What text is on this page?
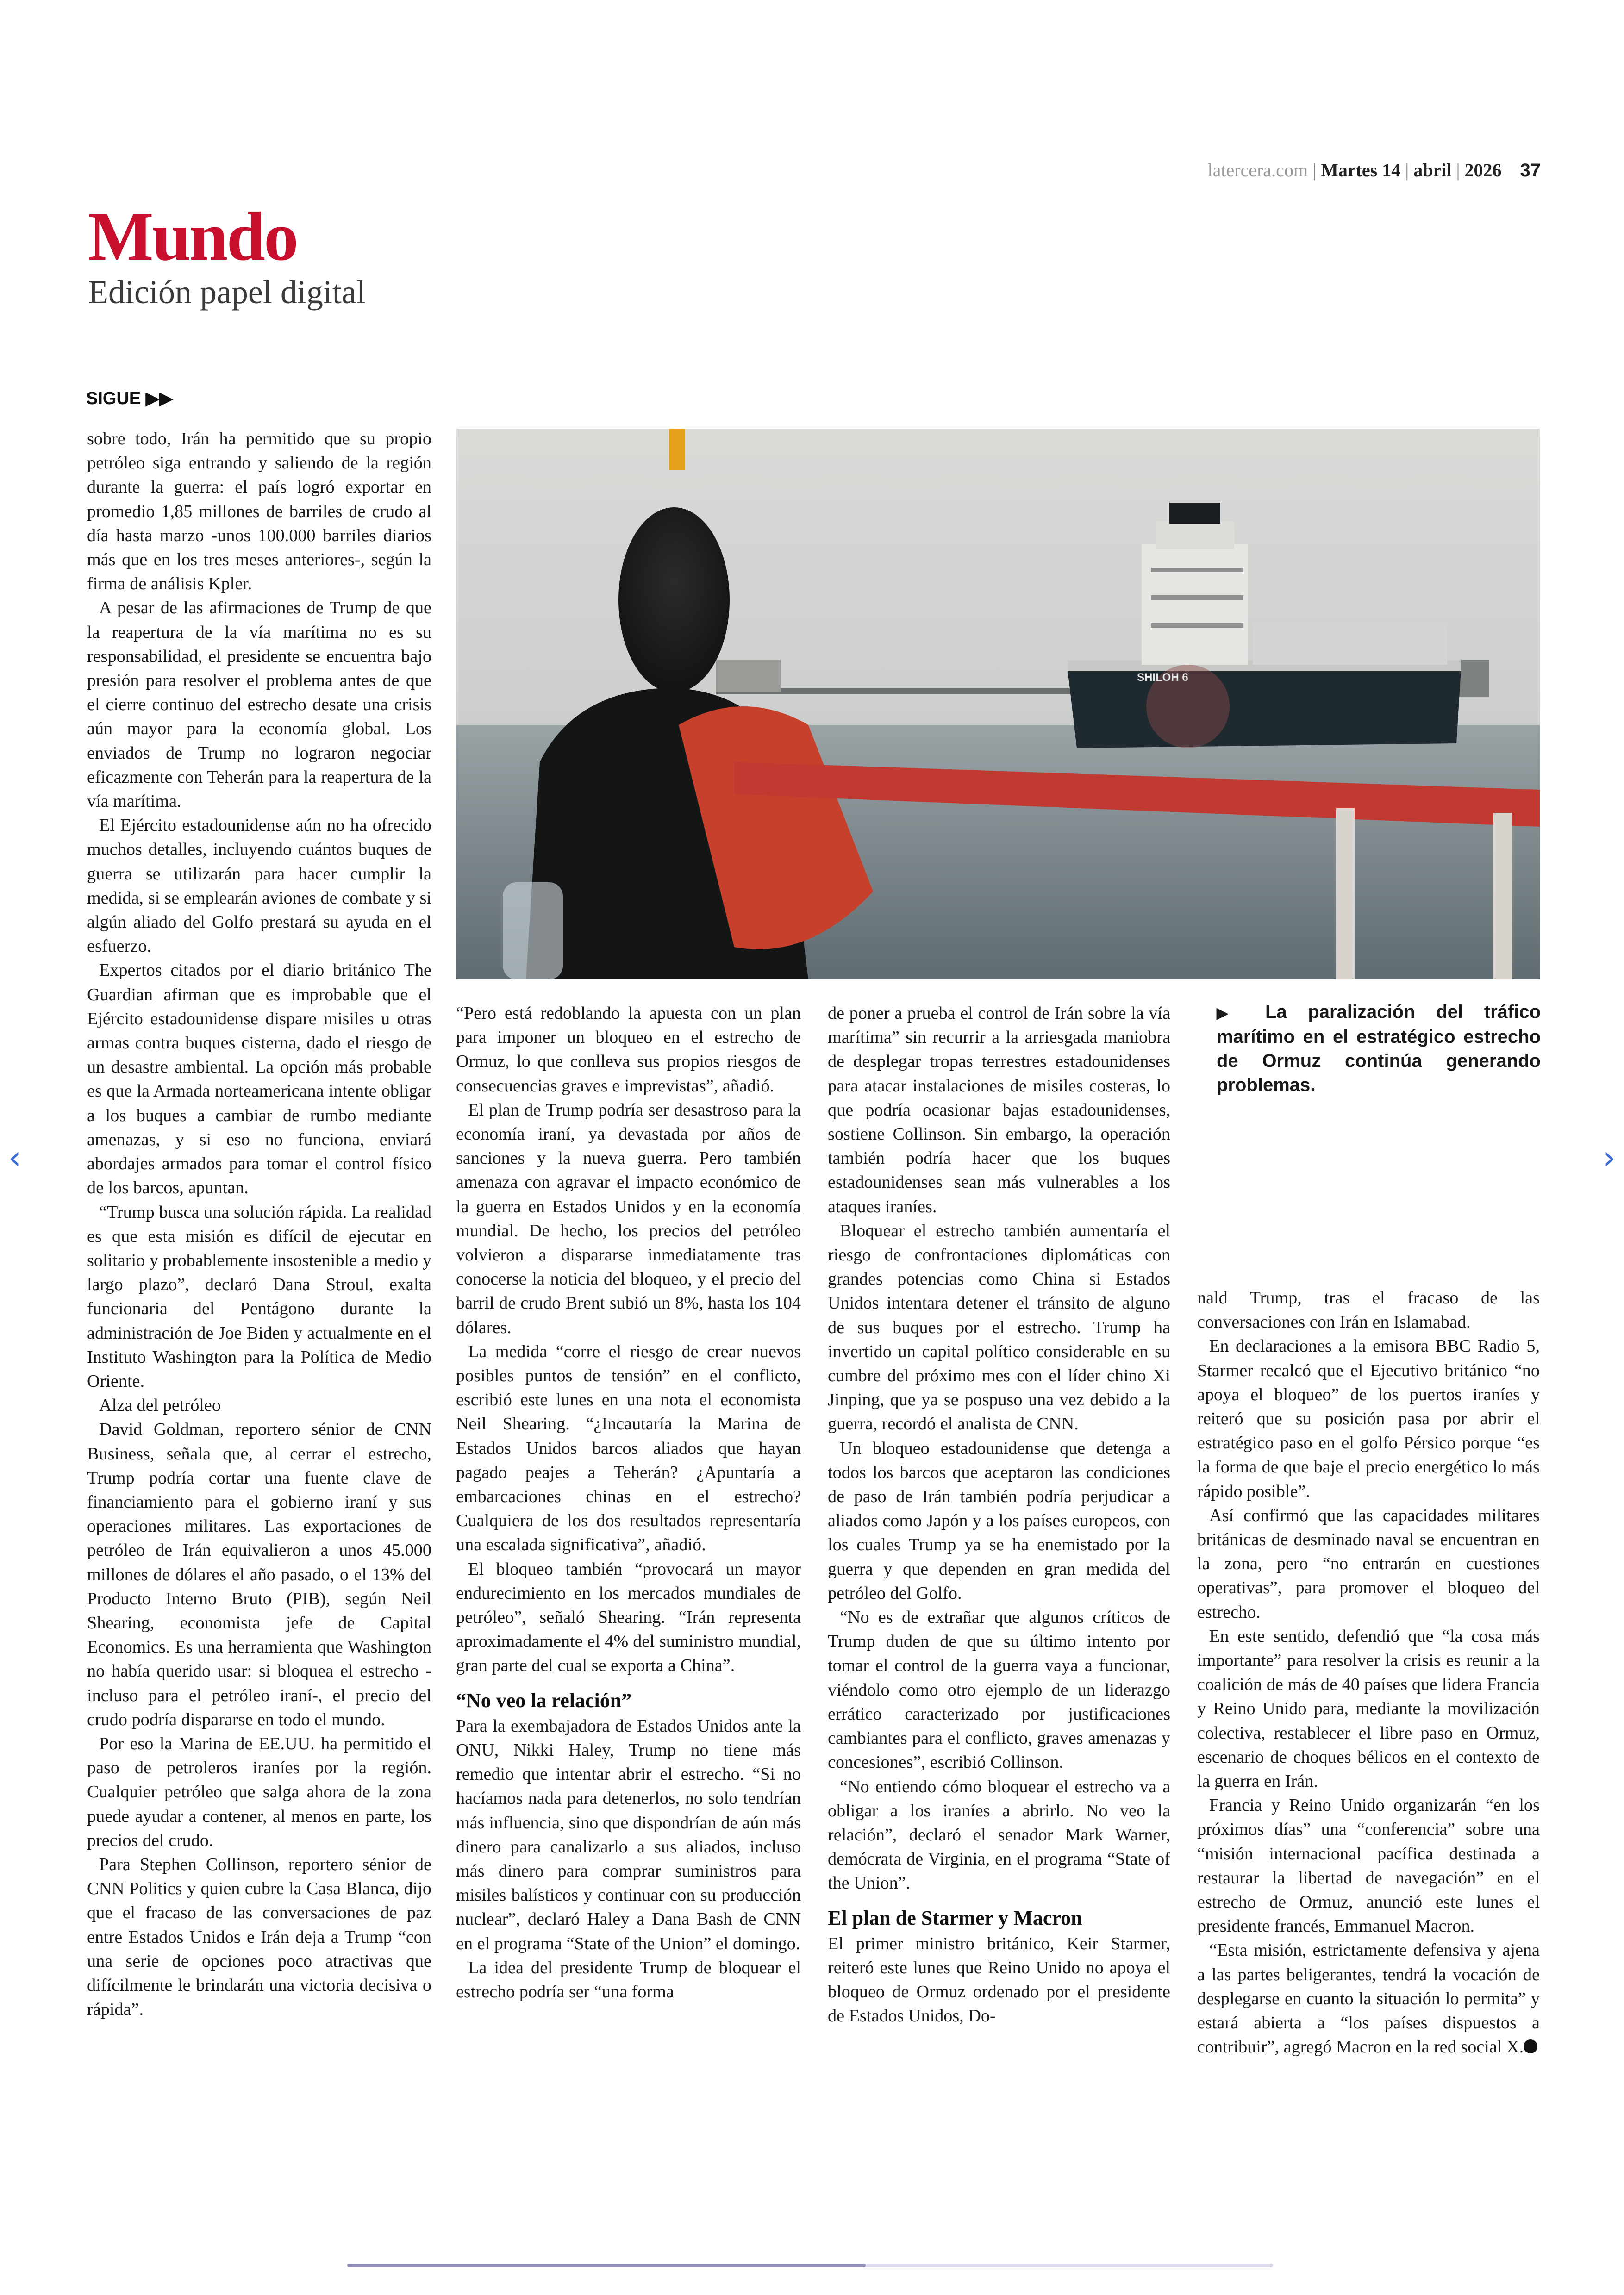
latercera.com | Martes 14 | abril | 2026 37
Mundo
Edición papel digital
SIGUE ▶▶
SHILOH 6
▶ La paralización del tráfico marítimo en el estratégico estrecho de Ormuz continúa generando problemas.

sobre todo, Irán ha permitido que su propio petróleo siga entrando y saliendo de la región durante la guerra: el país logró exportar en promedio 1,85 millones de barriles de crudo al día hasta marzo -unos 100.000 barriles diarios más que en los tres meses anteriores-, según la firma de análisis Kpler.

A pesar de las afirmaciones de Trump de que la reapertura de la vía marítima no es su responsabilidad, el presidente se encuentra bajo presión para resolver el problema antes de que el cierre continuo del estrecho desate una crisis aún mayor para la economía global. Los enviados de Trump no lograron negociar eficazmente con Teherán para la reapertura de la vía marítima.

El Ejército estadounidense aún no ha ofrecido muchos detalles, incluyendo cuántos buques de guerra se utilizarán para hacer cumplir la medida, si se emplearán aviones de combate y si algún aliado del Golfo prestará su ayuda en el esfuerzo.

Expertos citados por el diario británico The Guardian afirman que es improbable que el Ejército estadounidense dispare misiles u otras armas contra buques cisterna, dado el riesgo de un desastre ambiental. La opción más probable es que la Armada norteamericana intente obligar a los buques a cambiar de rumbo mediante amenazas, y si eso no funciona, enviará abordajes armados para tomar el control físico de los barcos, apuntan.

“Trump busca una solución rápida. La realidad es que esta misión es difícil de ejecutar en solitario y probablemente insostenible a medio y largo plazo”, declaró Dana Stroul, exalta funcionaria del Pentágono durante la administración de Joe Biden y actualmente en el Instituto Washington para la Política de Medio Oriente.

Alza del petróleo

David Goldman, reportero sénior de CNN Business, señala que, al cerrar el estrecho, Trump podría cortar una fuente clave de financiamiento para el gobierno iraní y sus operaciones militares. Las exportaciones de petróleo de Irán equivalieron a unos 45.000 millones de dólares el año pasado, o el 13% del Producto Interno Bruto (PIB), según Neil Shearing, economista jefe de Capital Economics. Es una herramienta que Washington no había querido usar: si bloquea el estrecho -incluso para el petróleo iraní-, el precio del crudo podría dispararse en todo el mundo.

Por eso la Marina de EE.UU. ha permitido el paso de petroleros iraníes por la región. Cualquier petróleo que salga ahora de la zona puede ayudar a contener, al menos en parte, los precios del crudo.

Para Stephen Collinson, reportero sénior de CNN Politics y quien cubre la Casa Blanca, dijo que el fracaso de las conversaciones de paz entre Estados Unidos e Irán deja a Trump “con una serie de opciones poco atractivas que difícilmente le brindarán una victoria decisiva o rápida”.

“Pero está redoblando la apuesta con un plan para imponer un bloqueo en el estrecho de Ormuz, lo que conlleva sus propios riesgos de consecuencias graves e imprevistas”, añadió.

El plan de Trump podría ser desastroso para la economía iraní, ya devastada por años de sanciones y la nueva guerra. Pero también amenaza con agravar el impacto económico de la guerra en Estados Unidos y en la economía mundial. De hecho, los precios del petróleo volvieron a dispararse inmediatamente tras conocerse la noticia del bloqueo, y el precio del barril de crudo Brent subió un 8%, hasta los 104 dólares.

La medida “corre el riesgo de crear nuevos posibles puntos de tensión” en el conflicto, escribió este lunes en una nota el economista Neil Shearing. “¿Incautaría la Marina de Estados Unidos barcos aliados que hayan pagado peajes a Teherán? ¿Apuntaría a embarcaciones chinas en el estrecho? Cualquiera de los dos resultados representaría una escalada significativa”, añadió.

El bloqueo también “provocará un mayor endurecimiento en los mercados mundiales de petróleo”, señaló Shearing. “Irán representa aproximadamente el 4% del suministro mundial, gran parte del cual se exporta a China”.

“No veo la relación”

Para la exembajadora de Estados Unidos ante la ONU, Nikki Haley, Trump no tiene más remedio que intentar abrir el estrecho. “Si no hacíamos nada para detenerlos, no solo tendrían más influencia, sino que dispondrían de aún más dinero para canalizarlo a sus aliados, incluso más dinero para comprar suministros para misiles balísticos y continuar con su producción nuclear”, declaró Haley a Dana Bash de CNN en el programa “State of the Union” el domingo.

La idea del presidente Trump de bloquear el estrecho podría ser “una forma

de poner a prueba el control de Irán sobre la vía marítima” sin recurrir a la arriesgada maniobra de desplegar tropas terrestres estadounidenses para atacar instalaciones de misiles costeras, lo que podría ocasionar bajas estadounidenses, sostiene Collinson. Sin embargo, la operación también podría hacer que los buques estadounidenses sean más vulnerables a los ataques iraníes.

Bloquear el estrecho también aumentaría el riesgo de confrontaciones diplomáticas con grandes potencias como China si Estados Unidos intentara detener el tránsito de alguno de sus buques por el estrecho. Trump ha invertido un capital político considerable en su cumbre del próximo mes con el líder chino Xi Jinping, que ya se pospuso una vez debido a la guerra, recordó el analista de CNN.

Un bloqueo estadounidense que detenga a todos los barcos que aceptaron las condiciones de paso de Irán también podría perjudicar a aliados como Japón y a los países europeos, con los cuales Trump ya se ha enemistado por la guerra y que dependen en gran medida del petróleo del Golfo.

“No es de extrañar que algunos críticos de Trump duden de que su último intento por tomar el control de la guerra vaya a funcionar, viéndolo como otro ejemplo de un liderazgo errático caracterizado por justificaciones cambiantes para el conflicto, graves amenazas y concesiones”, escribió Collinson.

“No entiendo cómo bloquear el estrecho va a obligar a los iraníes a abrirlo. No veo la relación”, declaró el senador Mark Warner, demócrata de Virginia, en el programa “State of the Union”.

El plan de Starmer y Macron

El primer ministro británico, Keir Starmer, reiteró este lunes que Reino Unido no apoya el bloqueo de Ormuz ordenado por el presidente de Estados Unidos, Do-

nald Trump, tras el fracaso de las conversaciones con Irán en Islamabad.

En declaraciones a la emisora BBC Radio 5, Starmer recalcó que el Ejecutivo británico “no apoya el bloqueo” de los puertos iraníes y reiteró que su posición pasa por abrir el estratégico paso en el golfo Pérsico porque “es la forma de que baje el precio energético lo más rápido posible”.

Así confirmó que las capacidades militares británicas de desminado naval se encuentran en la zona, pero “no entrarán en cuestiones operativas”, para promover el bloqueo del estrecho.

En este sentido, defendió que “la cosa más importante” para resolver la crisis es reunir a la coalición de más de 40 países que lidera Francia y Reino Unido para, mediante la movilización colectiva, restablecer el libre paso en Ormuz, escenario de choques bélicos en el contexto de la guerra en Irán.

Francia y Reino Unido organizarán “en los próximos días” una “conferencia” sobre una “misión internacional pacífica destinada a restaurar la libertad de navegación” en el estrecho de Ormuz, anunció este lunes el presidente francés, Emmanuel Macron.

“Esta misión, estrictamente defensiva y ajena a las partes beligerantes, tendrá la vocación de desplegarse en cuanto la situación lo permita” y estará abierta a “los países dispuestos a contribuir”, agregó Macron en la red social X.

‹	›
